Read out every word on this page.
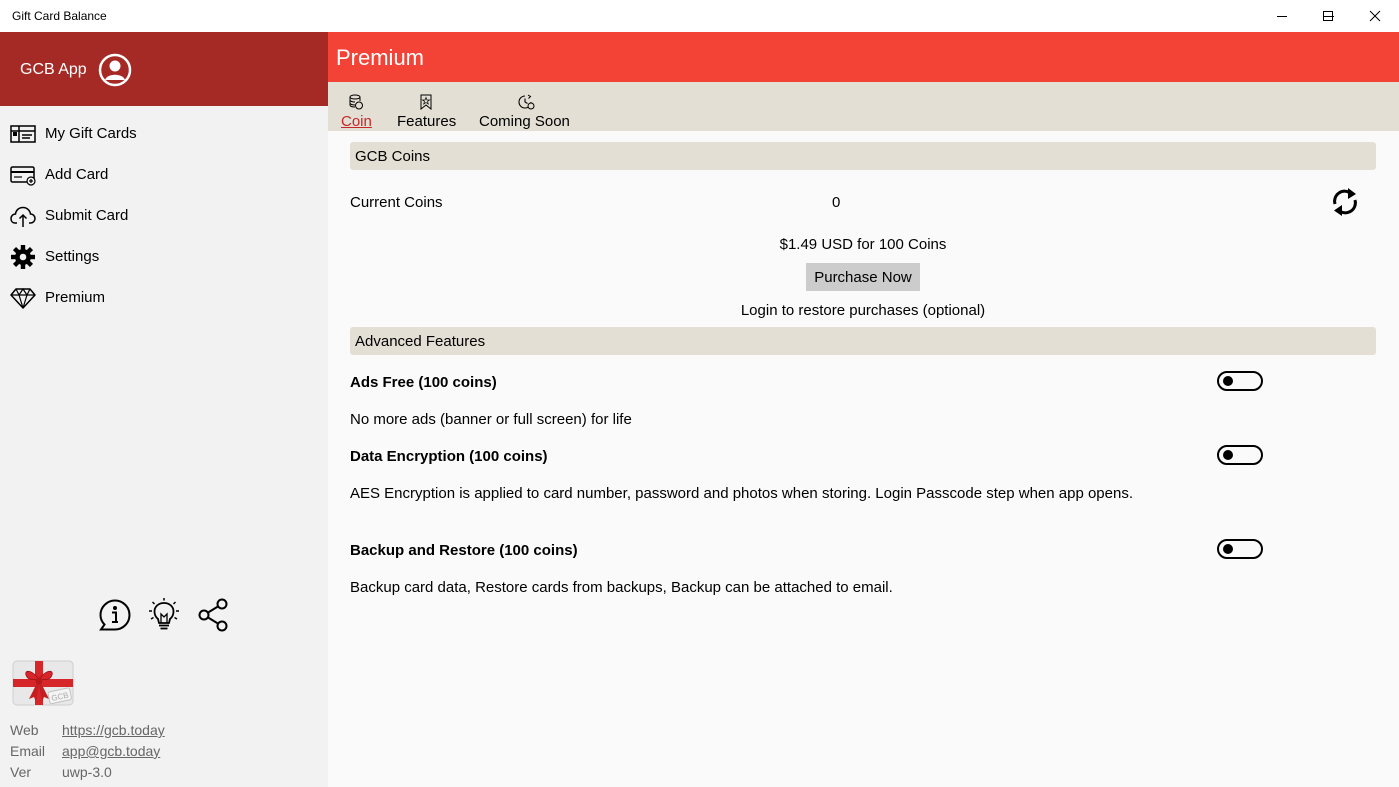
Gift Card Balance
GCB App
My Gift Cards
Add Card
Submit Card
Settings
Premium
GCB
Web https://gcb.today
Email app@gcb.today
Ver uwp-3.0
Premium
Coin Features Coming Soon
GCB Coins
Current Coins	0
$1.49 USD for 100 Coins
Purchase Now
Login to restore purchases (optional)
Advanced Features
Ads Free (100 coins)
No more ads (banner or full screen) for life
Data Encryption (100 coins)
AES Encryption is applied to card number, password and photos when storing. Login Passcode step when app opens.
Backup and Restore (100 coins)
Backup card data, Restore cards from backups, Backup can be attached to email.
